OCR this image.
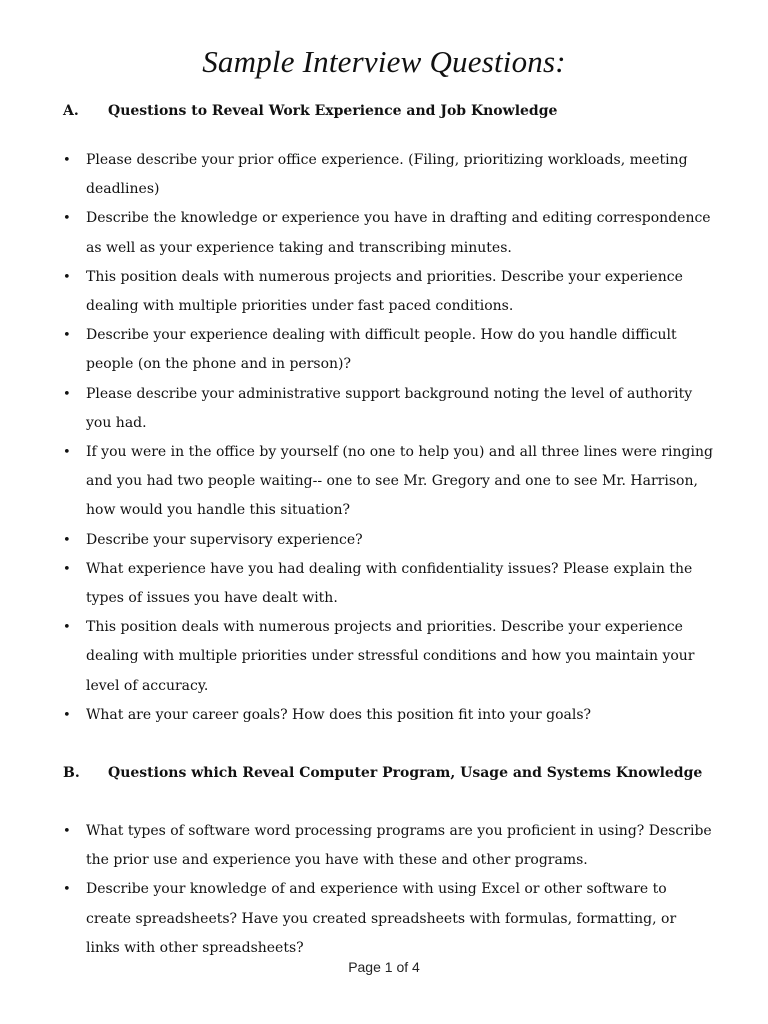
Sample Interview Questions:
A. Questions to Reveal Work Experience and Job Knowledge
• Please describe your prior office experience. (Filing, prioritizing workloads, meeting deadlines)
• Describe the knowledge or experience you have in drafting and editing correspondence as well as your experience taking and transcribing minutes.
• This position deals with numerous projects and priorities. Describe your experience dealing with multiple priorities under fast paced conditions.
• Describe your experience dealing with difficult people. How do you handle difficult people (on the phone and in person)?
• Please describe your administrative support background noting the level of authority you had.
• If you were in the office by yourself (no one to help you) and all three lines were ringing and you had two people waiting-- one to see Mr. Gregory and one to see Mr. Harrison, how would you handle this situation?
• Describe your supervisory experience?
• What experience have you had dealing with confidentiality issues? Please explain the types of issues you have dealt with.
• This position deals with numerous projects and priorities. Describe your experience dealing with multiple priorities under stressful conditions and how you maintain your level of accuracy.
• What are your career goals? How does this position fit into your goals?
B. Questions which Reveal Computer Program, Usage and Systems Knowledge
• What types of software word processing programs are you proficient in using? Describe the prior use and experience you have with these and other programs.
• Describe your knowledge of and experience with using Excel or other software to create spreadsheets? Have you created spreadsheets with formulas, formatting, or links with other spreadsheets?
Page 1 of 4
